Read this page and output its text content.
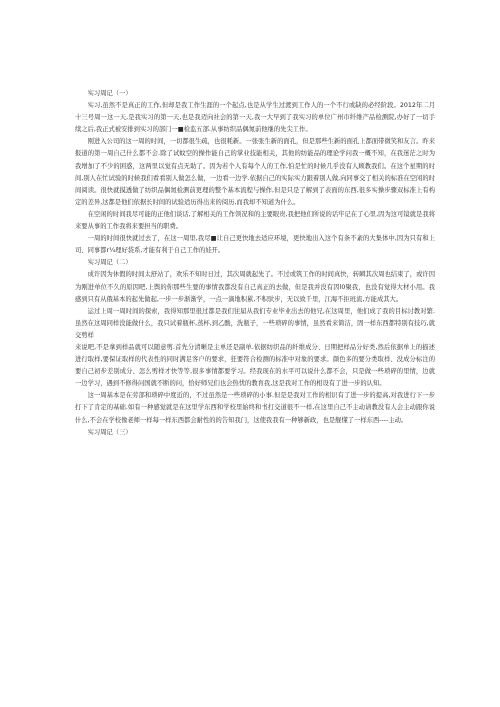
实习周记（一）

实习,虽然不是真正的工作,但却是我工作生涯的一个起点,也是从学生过渡到工作人的一个不行或缺的必经阶段。2012年二月十三号周一这一天,是我实习的第一天,也是我迈向社会的第一天,我一大早到了我实习的单位广州市纤维产品检测院,办好了一切手续之后,我正式被安排到实习的部门一■检监五部.从事纺织品偶氮前他继的先尖工作。

刚进入公司的这一周的时间，一切都很生疏，也很耗新。一张张生新的面孔，但是那些生新的面孔上都面带微笑和友言。昨来报道的第一周自己什么都不会.除了试蚊空的操作能自己的掌业技能相关，其他的纺能品的理论学问我一概不知，在我迷茫之时为我增加了不少的困惑，这两里以觉有点无助了。因为若个人有每个人的工作,怕是忙的时候几乎没有人顾教我们。在这个星期的时间,别人在忙试验的时候我们看看别人做怎么做，一边看一边学.依据自己的实际实力跟着别人做,向同事交了相关的标准在空闲的时间阅读。很快就摸透做了纺织品偶氮检测前更理的整个基本流程与操作,但是只是了解到了表面的东西,很多实操步骤双标准上有构定的差异,这都是他们依据长时间的试验适历得出来的阅历,而我却不知道为什么。

在空闲的时间我尽可能的正他们谈话,了解相关的工作领况和的主要眼贵,我把他们所说的话牢记在了心里,因为这可镜就是我将来要从事的工作我将来要担当的职费。

一周的时间很快就过去了，在这一周里,我尽■让自己更快地去适应环境，更快地出入这个有条不紊的大集体中,因为只有和上司、同事都r¼理好袋系,才能有利于自己工作的娃开。

实习周记（二）

成许因为休假的时间太舒站了，欢乐不知时日过，其次周就起先了。不过或筑工作的时间真快，转瞬其次周也结束了，或许因为刚进单位不久的原因吧,上舆的你那些生要的事情我都没有自己真正的去做，但是我并没有因l0聚我，也没有觉得大材小用。我感到只有从俄基本的起先做起,一步一步渐渐学，一点一滴地积累,不积驮步，无以致千里，江海不拒班流,方能成其大。

运过上周一周时间的探索，我得知那里很过都是我们往届从我们专业毕业出去的他兄,在这周里，他们成了我的目标讨教对繁.虽然在这周同样没能做什么，我只试着瓶杯,蒸杯,到乙酸，洗瓶子，一些琐碎的事情，虽然看来简洁，固一样东西都特别有技巧,就交剪样

来说吧,不是拿到样品就可以随意剪.首先分清晰是主单还是副单.依据纺织品的纤维成分、日期把样品分好类,然后依据单上的描述进行取样,要保证取样的代表性的同时满足客户的要求，狂要符合检测的标准中对象的要求。颜色多的要分类取样、没成分标注的要自己初步差别成分、怎么剪样才快等等,很多事情都要学习。经我现在的水平可以说什么都不会，只是做一些琐碎的里情，边就一边学习，遇到不修得问国就不断的问，恰好师兄们也会热忧的教育我,这是我对工作的相设有了进一步的认知。

这一周基本是在劳部和琐碎中度近的，不过虽然是一些琐碎的小事.但是是我对工作的相识有了进一步的提高,对我进行下一步打下了肯定的基础.如有一种感觉就是在这里学东西和学校里始终和书打交道很不一样,在这里自己不主动请教没有人会主动跟你说什么,不会在学校像老师一样每一样东西都会耐性的的告知我门，这使我我有一种够新政，也是舰懂了一样东西----主动。

实习周记（三）
